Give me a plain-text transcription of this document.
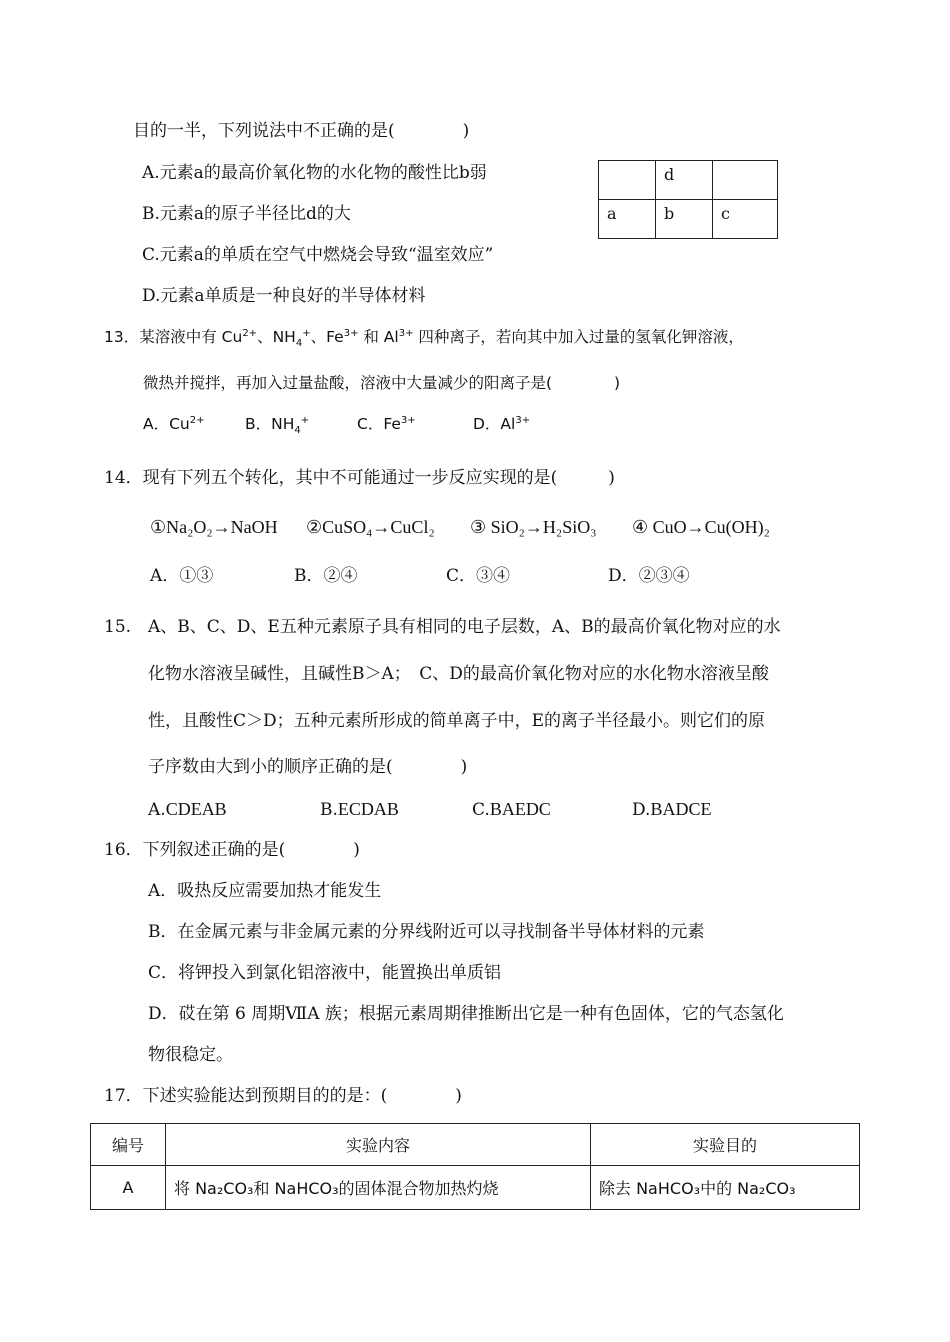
目的一半，下列说法中不正确的是(　　　　)
A.元素a的最高价氧化物的水化物的酸性比b弱
B.元素a的原子半径比d的大
C.元素a的单质在空气中燃烧会导致“温室效应”
D.元素a单质是一种良好的半导体材料
	d	
a	b	c
13．某溶液中有 $Cu^{2+}$、$NH_4^+$、$Fe^{3+}$ 和 $Al^{3+}$ 四种离子，若向其中加入过量的氢氧化钾溶液，
微热并搅拌，再加入过量盐酸，溶液中大量减少的阳离子是(　　　　)
A．$Cu^{2+}$	B．$NH_4^+$	C．$Fe^{3+}$	D．$Al^{3+}$
14．现有下列五个转化，其中不可能通过一步反应实现的是(　　　)
①Na₂O₂→NaOH ②CuSO₄→CuCl₂ ③ SiO₂→H₂SiO₃ ④ CuO→Cu(OH)₂
A．①③	B．②④	C．③④	D．②③④
15. A、B、C、D、E五种元素原子具有相同的电子层数，A、B的最高价氧化物对应的水
化物水溶液呈碱性，且碱性B＞A；　C、D的最高价氧化物对应的水化物水溶液呈酸
性，且酸性C＞D；五种元素所形成的简单离子中，E的离子半径最小。则它们的原
子序数由大到小的顺序正确的是(　　　　)
A.CDEAB	B.ECDAB	C.BAEDC	D.BADCE
16．下列叙述正确的是(　　　　)
A．吸热反应需要加热才能发生
B．在金属元素与非金属元素的分界线附近可以寻找制备半导体材料的元素
C．将钾投入到氯化铝溶液中，能置换出单质铝
D．砹在第 6 周期ⅦA 族；根据元素周期律推断出它是一种有色固体，它的气态氢化
物很稳定。
17．下述实验能达到预期目的的是：(　　　　)
编号	实验内容	实验目的
A	将 Na₂CO₃和 NaHCO₃的固体混合物加热灼烧	除去 NaHCO₃中的 Na₂CO₃
